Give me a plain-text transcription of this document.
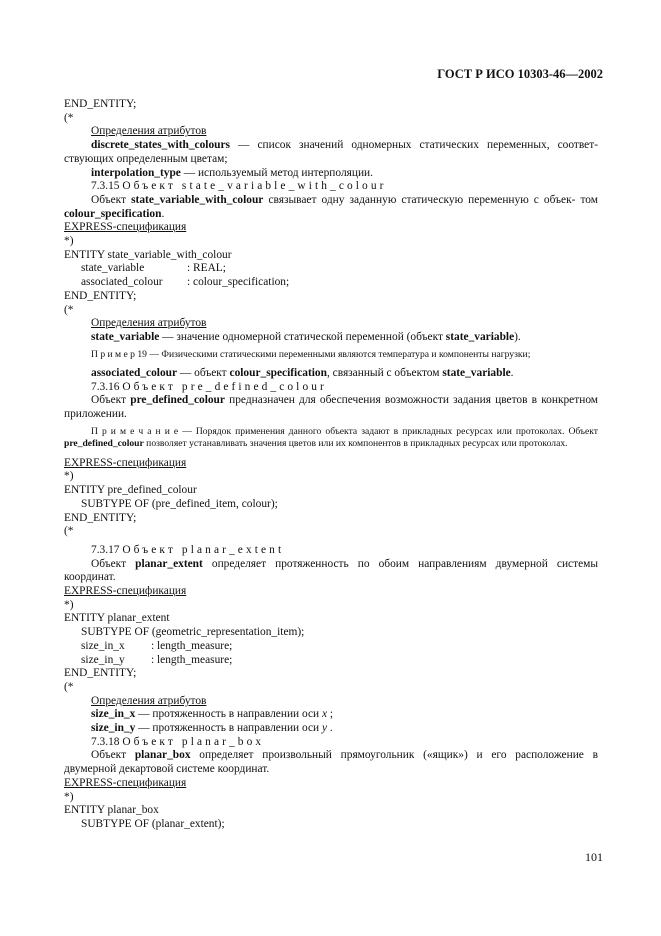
ГОСТ Р ИСО 10303-46—2002
END_ENTITY;
(*
Определения атрибутов
discrete_states_with_colours — список значений одномерных статических переменных, соответ- ствующих определенным цветам;
interpolation_type — используемый метод интерполяции.
7.3.15 Объект state_variable_with_colour
Объект state_variable_with_colour связывает одну заданную статическую переменную с объек- том colour_specification.
EXPRESS-спецификация
*)
ENTITY state_variable_with_colour
state_variable	: REAL;
associated_colour : colour_specification;
END_ENTITY;
(*
Определения атрибутов
state_variable — значение одномерной статической переменной (объект state_variable).
П р и м е р 19 — Физическими статическими переменными являются температура и компоненты нагрузки;
associated_colour — объект colour_specification, связанный с объектом state_variable.
7.3.16 Объект pre_defined_colour
Объект pre_defined_colour предназначен для обеспечения возможности задания цветов в конкретном приложении.
П р и м е ч а н и е — Порядок применения данного объекта задают в прикладных ресурсах или протоколах. Объект pre_defined_colour позволяет устанавливать значения цветов или их компонентов в прикладных ресурсах или протоколах.
EXPRESS-спецификация
*)
ENTITY pre_defined_colour
SUBTYPE OF (pre_defined_item, colour);
END_ENTITY;
(*
7.3.17 Объект planar_extent
Объект planar_extent определяет протяженность по обоим направлениям двумерной системы координат.
EXPRESS-спецификация
*)
ENTITY planar_extent
SUBTYPE OF (geometric_representation_item);
size_in_x : length_measure;
size_in_y : length_measure;
END_ENTITY;
(*
Определения атрибутов
size_in_x — протяженность в направлении оси x ;
size_in_y — протяженность в направлении оси y .
7.3.18 Объект planar_box
Объект planar_box определяет произвольный прямоугольник («ящик») и его расположение в двумерной декартовой системе координат.
EXPRESS-спецификация
*)
ENTITY planar_box
SUBTYPE OF (planar_extent);
101
